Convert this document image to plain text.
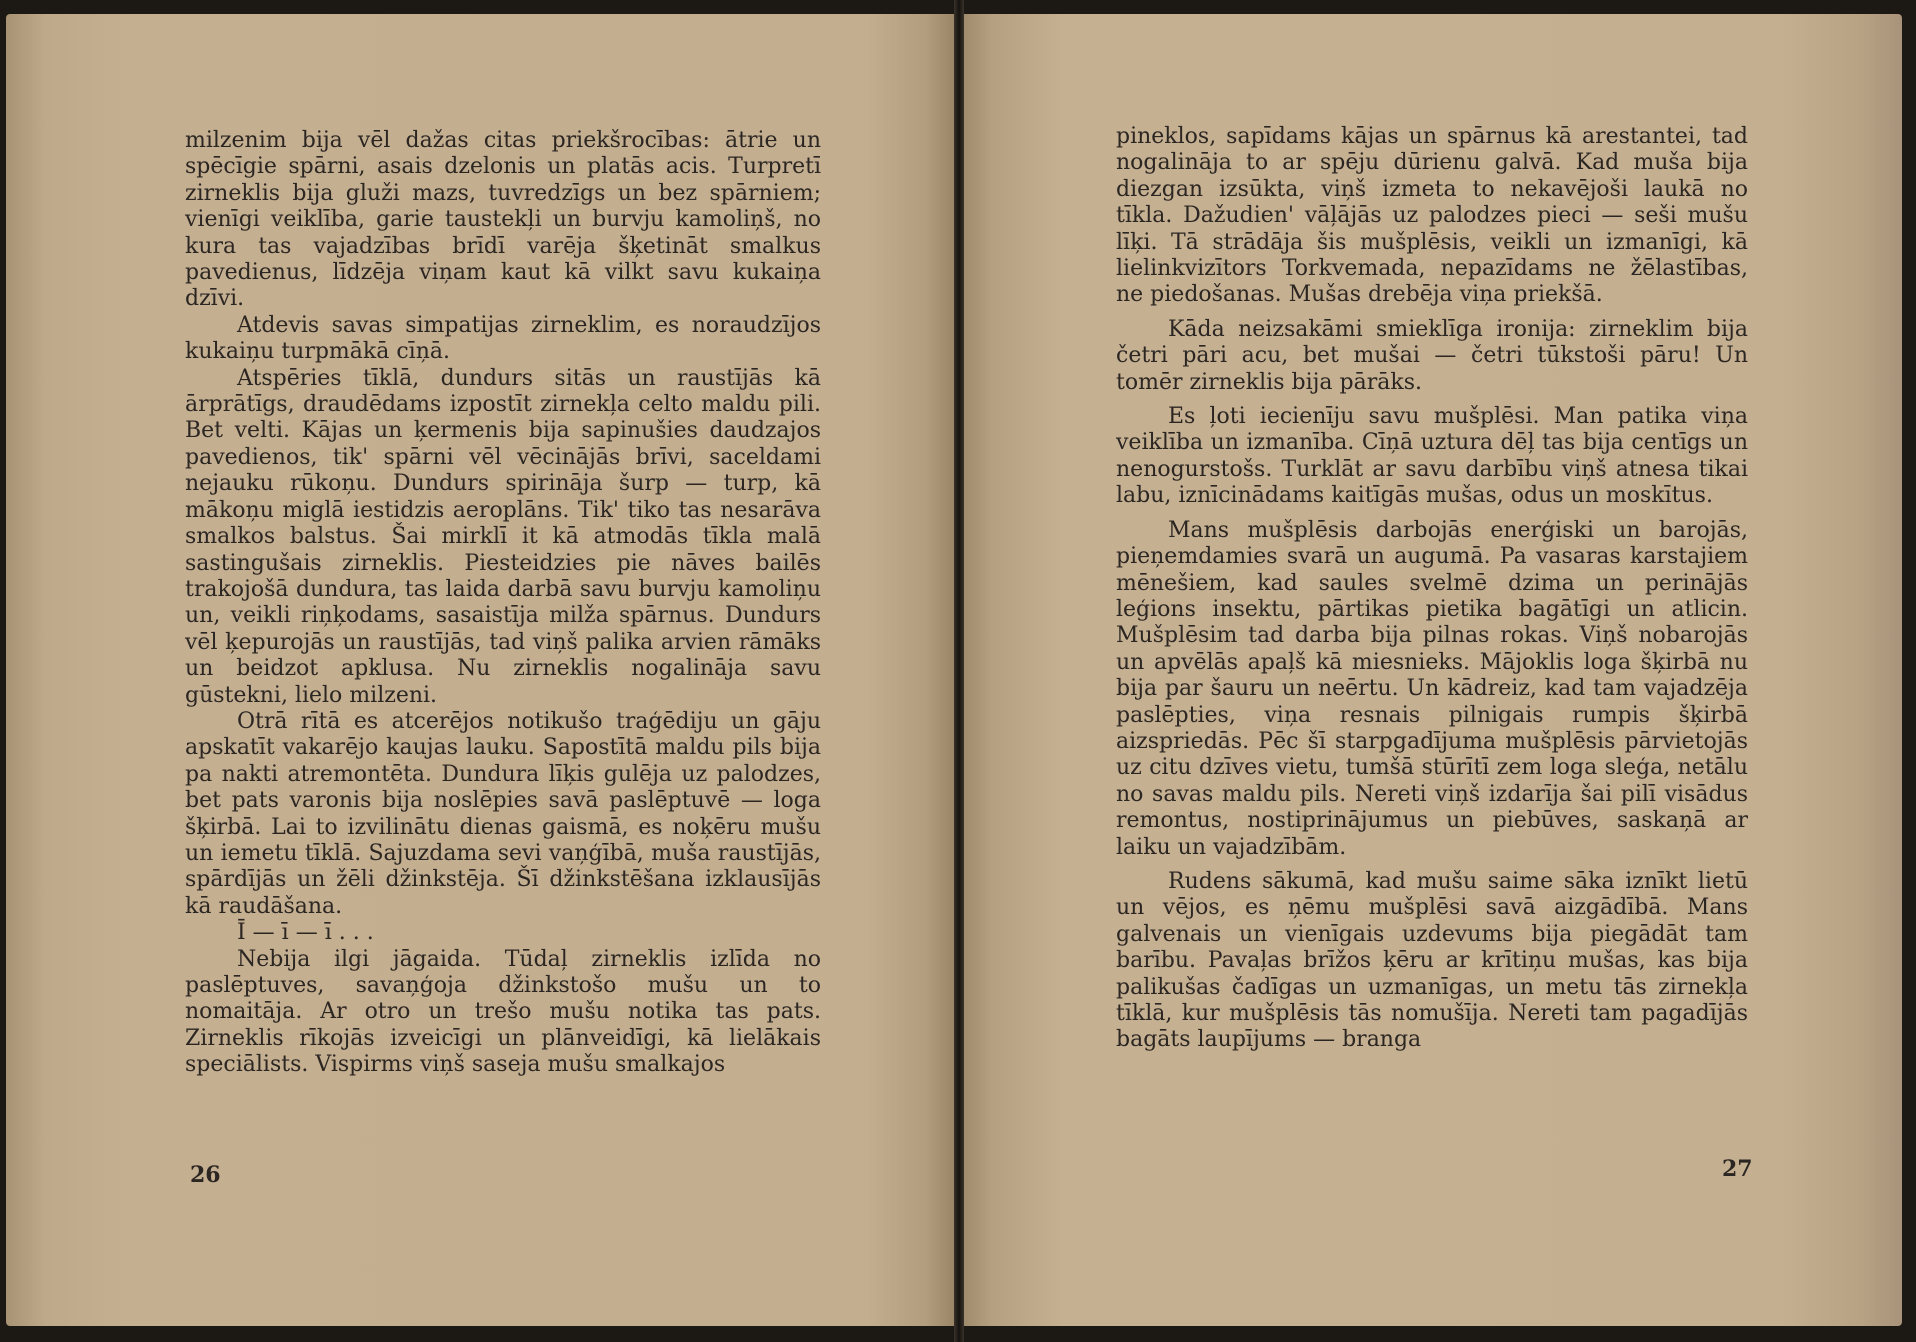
milzenim bija vēl dažas citas priekšrocības: ātrie un spēcīgie spārni, asais dzelonis un platās acis. Turpretī zirneklis bija gluži mazs, tuvredzīgs un bez spārniem; vienīgi veiklība, garie taustekļi un burvju kamoliņš, no kura tas vajadzības brīdī varēja šķetināt smalkus pavedienus, līdzēja viņam kaut kā vilkt savu kukaiņa dzīvi.

Atdevis savas simpatijas zirneklim, es noraudzījos kukaiņu turpmākā cīņā.

Atspēries tīklā, dundurs sitās un raustījās kā ārprātīgs, draudēdams izpostīt zirnekļa celto maldu pili. Bet velti. Kājas un ķermenis bija sapinušies daudzajos pavedienos, tik' spārni vēl vēcinājās brīvi, saceldami nejauku rūkoņu. Dundurs spirināja šurp — turp, kā mākoņu miglā iestidzis aeroplāns. Tik' tiko tas nesarāva smalkos balstus. Šai mirklī it kā atmodās tīkla malā sastingušais zirneklis. Piesteidzies pie nāves bailēs trakojošā dundura, tas laida darbā savu burvju kamoliņu un, veikli riņķodams, sasaistīja milža spārnus. Dundurs vēl ķepurojās un raustījās, tad viņš palika arvien rāmāks un beidzot apklusa. Nu zirneklis nogalināja savu gūstekni, lielo milzeni.

Otrā rītā es atcerējos notikušo traģēdiju un gāju apskatīt vakarējo kaujas lauku. Sapostītā maldu pils bija pa nakti atremontēta. Dundura līķis gulēja uz palodzes, bet pats varonis bija noslēpies savā paslēptuvē — loga šķirbā. Lai to izvilinātu dienas gaismā, es noķēru mušu un iemetu tīklā. Sajuzdama sevi vaņģībā, muša raustījās, spārdījās un žēli džinkstēja. Šī džinkstēšana izklausījās kā raudāšana.

Ī — ī — ī . . .

Nebija ilgi jāgaida. Tūdaļ zirneklis izlīda no paslēptuves, savaņģoja džinkstošo mušu un to nomaitāja. Ar otro un trešo mušu notika tas pats. Zirneklis rīkojās izveicīgi un plānveidīgi, kā lielākais speciālists. Vispirms viņš saseja mušu smalkajos

26

pineklos, sapīdams kājas un spārnus kā arestantei, tad nogalināja to ar spēju dūrienu galvā. Kad muša bija diezgan izsūkta, viņš izmeta to nekavējoši laukā no tīkla. Dažudien' vāļājās uz palodzes pieci — seši mušu līķi. Tā strādāja šis mušplēsis, veikli un izmanīgi, kā lielinkvizītors Torkvemada, nepazīdams ne žēlastības, ne piedošanas. Mušas drebēja viņa priekšā.

Kāda neizsakāmi smieklīga ironija: zirneklim bija četri pāri acu, bet mušai — četri tūkstoši pāru! Un tomēr zirneklis bija pārāks.

Es ļoti iecienīju savu mušplēsi. Man patika viņa veiklība un izmanība. Cīņā uztura dēļ tas bija centīgs un nenogurstošs. Turklāt ar savu darbību viņš atnesa tikai labu, iznīcinādams kaitīgās mušas, odus un moskītus.

Mans mušplēsis darbojās enerģiski un barojās, pieņemdamies svarā un augumā. Pa vasaras karstajiem mēnešiem, kad saules svelmē dzima un perinājās leģions insektu, pārtikas pietika bagātīgi un atlicin. Mušplēsim tad darba bija pilnas rokas. Viņš nobarojās un apvēlās apaļš kā miesnieks. Mājoklis loga šķirbā nu bija par šauru un neērtu. Un kādreiz, kad tam vajadzēja paslēpties, viņa resnais pilnigais rumpis šķirbā aizspriedās. Pēc šī starpgadījuma mušplēsis pārvietojās uz citu dzīves vietu, tumšā stūrītī zem loga sleģa, netālu no savas maldu pils. Nereti viņš izdarīja šai pilī visādus remontus, nostiprinājumus un piebūves, saskaņā ar laiku un vajadzībām.

Rudens sākumā, kad mušu saime sāka iznīkt lietū un vējos, es ņēmu mušplēsi savā aizgādībā. Mans galvenais un vienīgais uzdevums bija piegādāt tam barību. Pavaļas brīžos ķēru ar krītiņu mušas, kas bija palikušas čadīgas un uzmanīgas, un metu tās zirnekļa tīklā, kur mušplēsis tās nomušīja. Nereti tam pagadījās bagāts laupījums — branga

27
